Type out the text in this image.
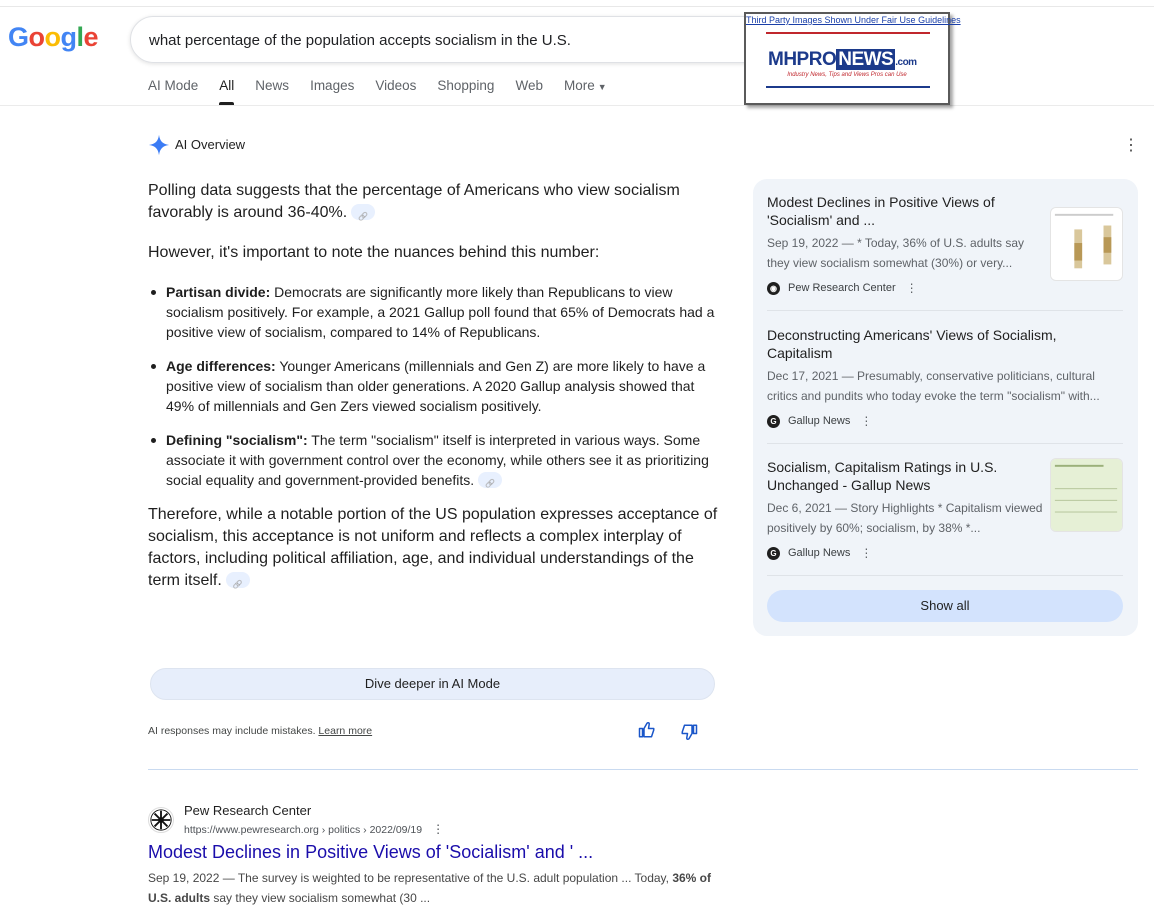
Google	what percentage of the population accepts socialism in the U.S.
AI Mode All News Images Videos Shopping Web More ▼
Third Party Images Shown Under Fair Use Guidelines
MHPRO NEWS .com
Industry News, Tips and Views Pros can Use
AI Overview	⋮

Polling data suggests that the percentage of Americans who view socialism favorably is around 36-40%.🔗

However, it's important to note the nuances behind this number:

Partisan divide: Democrats are significantly more likely than Republicans to view socialism positively. For example, a 2021 Gallup poll found that 65% of Democrats had a positive view of socialism, compared to 14% of Republicans.
Age differences: Younger Americans (millennials and Gen Z) are more likely to have a positive view of socialism than older generations. A 2020 Gallup analysis showed that 49% of millennials and Gen Zers viewed socialism positively.
Defining "socialism": The term "socialism" itself is interpreted in various ways. Some associate it with government control over the economy, while others see it as prioritizing social equality and government-provided benefits.🔗

Therefore, while a notable portion of the US population expresses acceptance of socialism, this acceptance is not uniform and reflects a complex interplay of factors, including political affiliation, age, and individual understandings of the term itself.🔗

Modest Declines in Positive Views of 'Socialism' and ...
Sep 19, 2022 — * Today, 36% of U.S. adults say they view socialism somewhat (30%) or very...
◉ Pew Research Center ⋮
Deconstructing Americans' Views of Socialism, Capitalism
Dec 17, 2021 — Presumably, conservative politicians, cultural critics and pundits who today evoke the term "socialism" with...
G	Gallup News ⋮
Socialism, Capitalism Ratings in U.S. Unchanged - Gallup News
Dec 6, 2021 — Story Highlights * Capitalism viewed positively by 60%; socialism, by 38% *...
G	Gallup News ⋮
Show all
Dive deeper in AI Mode
AI responses may include mistakes. Learn more
Pew Research Center
https://www.pewresearch.org › politics › 2022/09/19 ⋮
Modest Declines in Positive Views of 'Socialism' and ' ...
Sep 19, 2022 — The survey is weighted to be representative of the U.S. adult population ... Today, 36% of U.S. adults say they view socialism somewhat (30 ...
